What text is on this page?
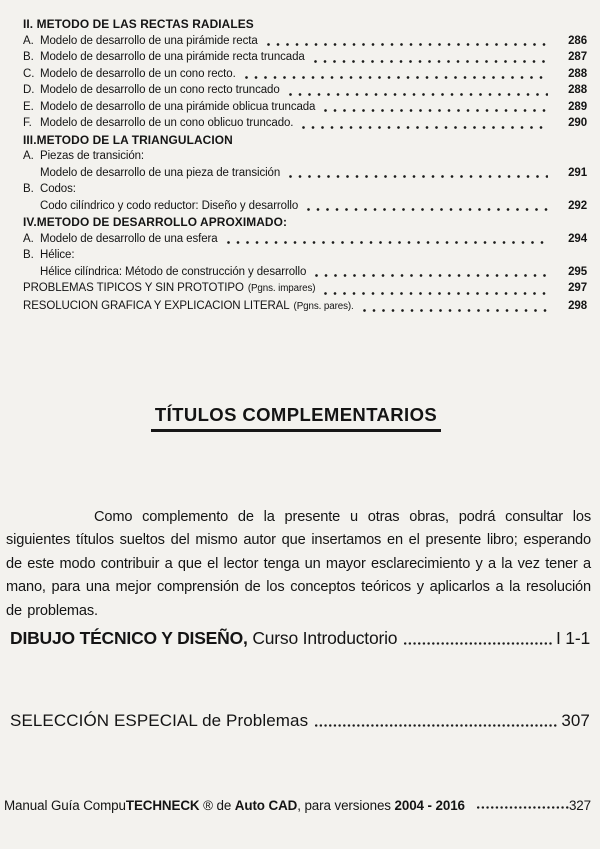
II. METODO DE LAS RECTAS RADIALES
A. Modelo de desarrollo de una pirámide recta	286
B. Modelo de desarrollo de una pirámide recta truncada	287
C. Modelo de desarrollo de un cono recto.	288
D. Modelo de desarrollo de un cono recto truncado	288
E. Modelo de desarrollo de una pirámide oblicua truncada	289
F. Modelo de desarrollo de un cono oblicuo truncado.	290
III.METODO DE LA TRIANGULACION
A. Piezas de transición:
Modelo de desarrollo de una pieza de transición	291
B. Codos:
Codo cilíndrico y codo reductor: Diseño y desarrollo	292
IV.METODO DE DESARROLLO APROXIMADO:
A. Modelo de desarrollo de una esfera	294
B. Hélice:
Hélice cilíndrica: Método de construcción y desarrollo	295
PROBLEMAS TIPICOS Y SIN PROTOTIPO (Pgns. impares)	297
RESOLUCION GRAFICA Y EXPLICACION LITERAL (Pgns. pares).	298
TÍTULOS COMPLEMENTARIOS

Como complemento de la presente u otras obras, podrá consultar los siguientes títulos sueltos del mismo autor que insertamos en el presente libro; esperando de este modo contribuir a que el lector tenga un mayor esclarecimiento y a la vez tener a mano, para una mejor comprensión de los conceptos teóricos y aplicarlos a la resolución de problemas.

DIBUJO TÉCNICO Y DISEÑO, Curso Introductorio	I 1-1
SELECCIÓN ESPECIAL de Problemas	307
Manual Guía CompuTECHNECK ® de Auto CAD, para versiones 2004 - 2016	327
